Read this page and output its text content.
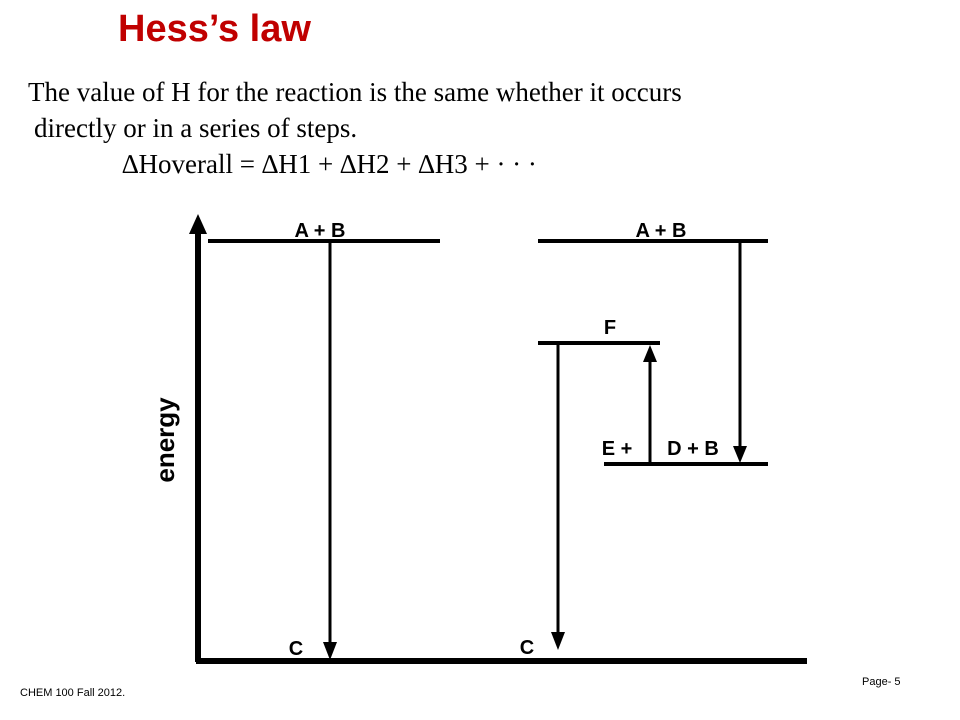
Hess’s law
The value of H for the reaction is the same whether it occurs

directly or in a series of steps.
∆Hoverall = ∆H1 + ∆H2 + ∆H3 + · · ·
energy
A + B
C
A + B
E + D + B
F
C
CHEM 100 Fall 2012.
Page- 5
